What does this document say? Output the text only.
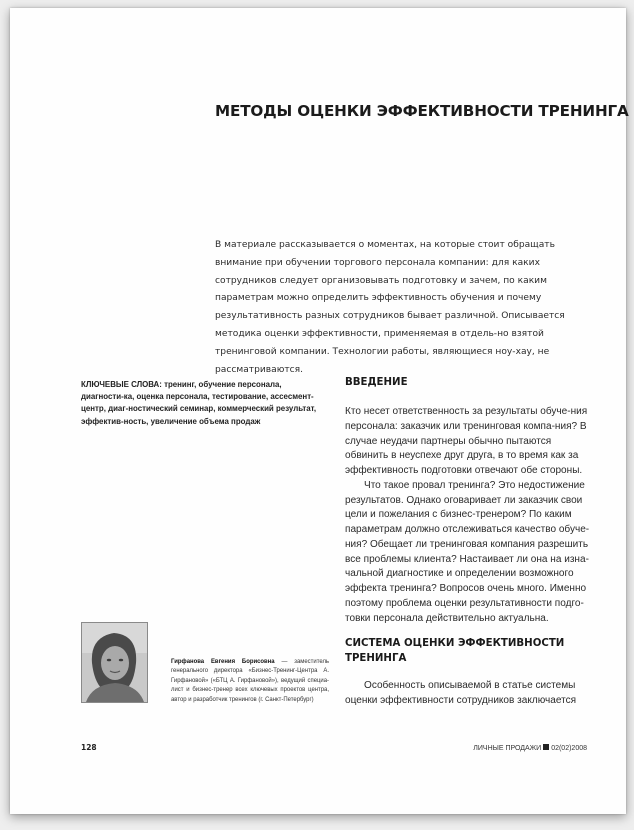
МЕТОДЫ ОЦЕНКИ ЭФФЕКТИВНОСТИ ТРЕНИНГА
В материале рассказывается о моментах, на которые стоит обращать внимание при обучении торгового персонала компании: для каких сотрудников следует организовывать подготовку и зачем, по каким параметрам можно определить эффективность обучения и почему результативность разных сотрудников бывает различной. Описывается методика оценки эффективности, применяемая в отдель-но взятой тренинговой компании. Технологии работы, являющиеся ноу-хау, не рассматриваются.
КЛЮЧЕВЫЕ СЛОВА: тренинг, обучение персонала, диагности-ка, оценка персонала, тестирование, ассесмент-центр, диаг-ностический семинар, коммерческий результат, эффектив-ность, увеличение объема продаж
ВВЕДЕНИЕ

Кто несет ответственность за результаты обуче-ния персонала: заказчик или тренинговая компа-ния? В случае неудачи партнеры обычно пытаются обвинить в неуспехе друг друга, в то время как за эффективность подготовки отвечают обе стороны.

Что такое провал тренинга? Это недостижение результатов. Однако оговаривает ли заказчик свои цели и пожелания с бизнес-тренером? По каким параметрам должно отслеживаться качество обуче-ния? Обещает ли тренинговая компания разрешить все проблемы клиента? Настаивает ли она на изна-чальной диагностике и определении возможного эффекта тренинга? Вопросов очень много. Именно поэтому проблема оценки результативности подго-товки персонала действительно актуальна.

СИСТЕМА ОЦЕНКИ ЭФФЕКТИВНОСТИ ТРЕНИНГА
Особенность описываемой в статье системы оценки эффективности сотрудников заключается
Гирфанова Евгения Борисовна — заместитель генерального директора «Бизнес-Тренинг-Центра А. Гирфановой» («БТЦ А. Гирфановой»), ведущий специа-лист и бизнес-тренер всех ключевых проектов центра, автор и разработчик тренингов (г. Санкт-Петербург)
128	ЛИЧНЫЕ ПРОДАЖИ 02(02)2008
